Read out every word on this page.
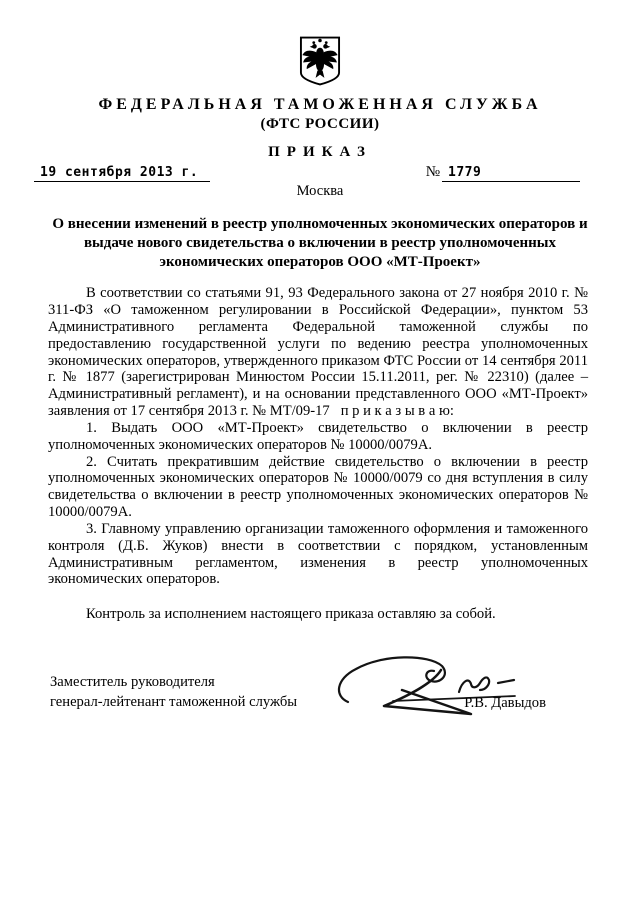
ФЕДЕРАЛЬНАЯ ТАМОЖЕННАЯ СЛУЖБА
(ФТС РОССИИ)
ПРИКАЗ
19 сентября 2013 г.	№ 1779
Москва
О внесении изменений в реестр уполномоченных экономических операторов и выдаче нового свидетельства о включении в реестр уполномоченных экономических операторов ООО «МТ-Проект»

В соответствии со статьями 91, 93 Федерального закона от 27 ноября 2010 г. № 311-ФЗ «О таможенном регулировании в Российской Федерации», пунктом 53 Административного регламента Федеральной таможенной службы по предоставлению государственной услуги по ведению реестра уполномоченных экономических операторов, утвержденного приказом ФТС России от 14 сентября 2011 г. № 1877 (зарегистрирован Минюстом России 15.11.2011, рег. № 22310) (далее – Административный регламент), и на основании представленного ООО «МТ-Проект» заявления от 17 сентября 2013 г. № МТ/09-17 п р и к а з ы в а ю:

1. Выдать ООО «МТ-Проект» свидетельство о включении в реестр уполномоченных экономических операторов № 10000/0079А.

2. Считать прекратившим действие свидетельство о включении в реестр уполномоченных экономических операторов № 10000/0079 со дня вступления в силу свидетельства о включении в реестр уполномоченных экономических операторов № 10000/0079А.

3. Главному управлению организации таможенного оформления и таможенного контроля (Д.Б. Жуков) внести в соответствии с порядком, установленным Административным регламентом, изменения в реестр уполномоченных экономических операторов.

Контроль за исполнением настоящего приказа оставляю за собой.

Заместитель руководителя
генерал-лейтенант таможенной службы	Р.В. Давыдов
